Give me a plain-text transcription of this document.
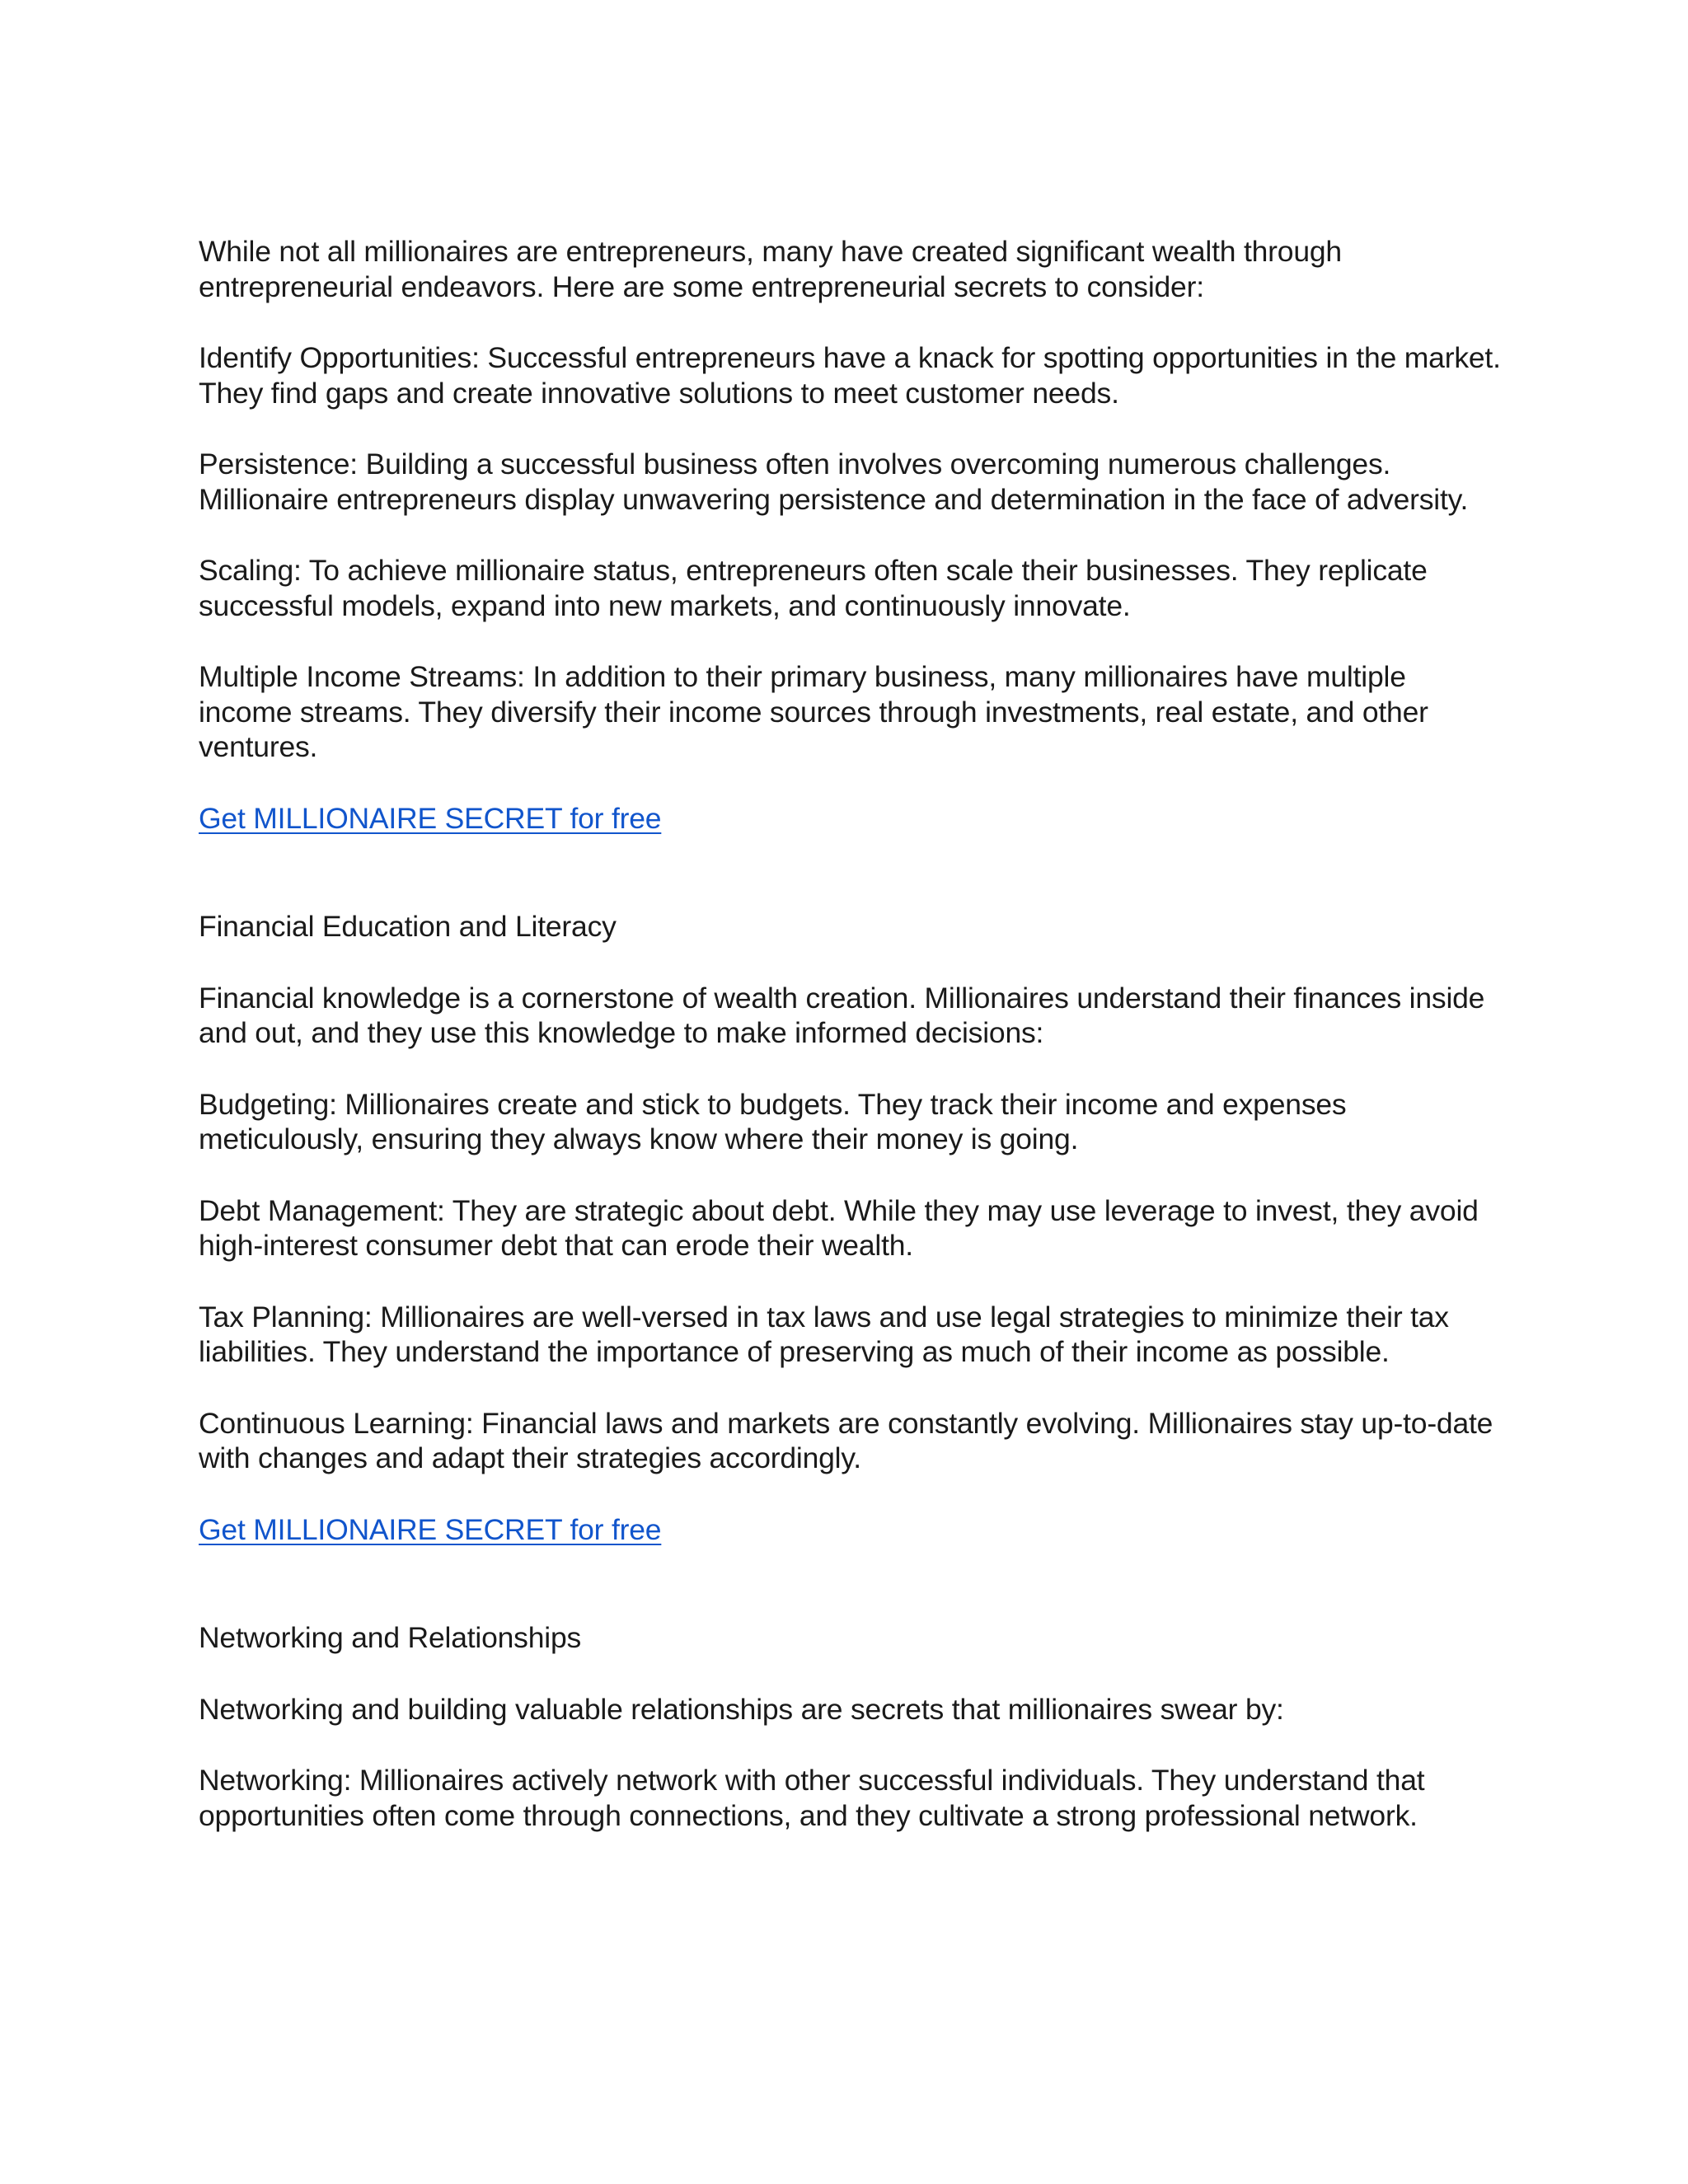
While not all millionaires are entrepreneurs, many have created significant wealth through entrepreneurial endeavors. Here are some entrepreneurial secrets to consider:

Identify Opportunities: Successful entrepreneurs have a knack for spotting opportunities in the market. They find gaps and create innovative solutions to meet customer needs.

Persistence: Building a successful business often involves overcoming numerous challenges. Millionaire entrepreneurs display unwavering persistence and determination in the face of adversity.

Scaling: To achieve millionaire status, entrepreneurs often scale their businesses. They replicate successful models, expand into new markets, and continuously innovate.

Multiple Income Streams: In addition to their primary business, many millionaires have multiple income streams. They diversify their income sources through investments, real estate, and other ventures.

Get MILLIONAIRE SECRET for free

Financial Education and Literacy

Financial knowledge is a cornerstone of wealth creation. Millionaires understand their finances inside and out, and they use this knowledge to make informed decisions:

Budgeting: Millionaires create and stick to budgets. They track their income and expenses meticulously, ensuring they always know where their money is going.

Debt Management: They are strategic about debt. While they may use leverage to invest, they avoid high-interest consumer debt that can erode their wealth.

Tax Planning: Millionaires are well-versed in tax laws and use legal strategies to minimize their tax liabilities. They understand the importance of preserving as much of their income as possible.

Continuous Learning: Financial laws and markets are constantly evolving. Millionaires stay up-to-date with changes and adapt their strategies accordingly.

Get MILLIONAIRE SECRET for free

Networking and Relationships

Networking and building valuable relationships are secrets that millionaires swear by:

Networking: Millionaires actively network with other successful individuals. They understand that opportunities often come through connections, and they cultivate a strong professional network.
